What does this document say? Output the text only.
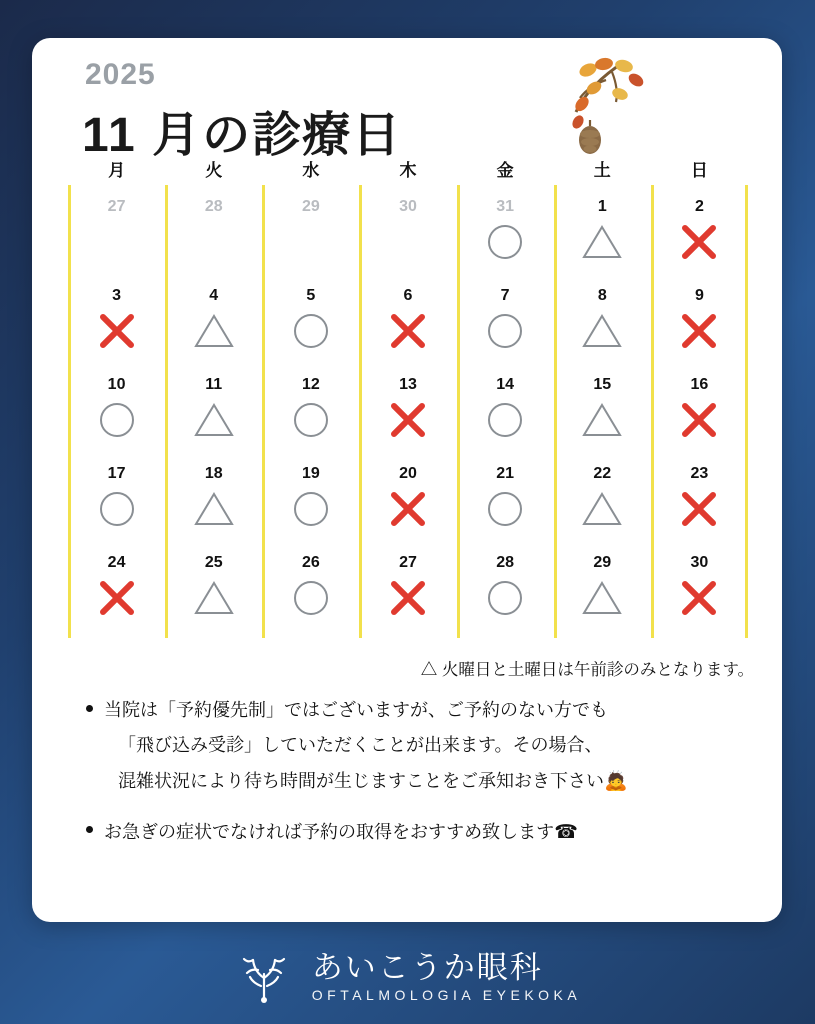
2025
11 月の診療日
月	火	水	木	金	土	日
27	28	29	30	31	1	2
3	4	5	6	7	8	9
10	11	12	13	14	15	16
17	18	19	20	21	22	23
24	25	26	27	28	29	30
△ 火曜日と土曜日は午前診のみとなります。
当院は「予約優先制」ではございますが、ご予約のない方でも
「飛び込み受診」していただくことが出来ます。その場合、
混雑状況により待ち時間が生じますことをご承知おき下さい🙇
お急ぎの症状でなければ予約の取得をおすすめ致します☎
あいこうか眼科
OFTALMOLOGIA EYEKOKA
